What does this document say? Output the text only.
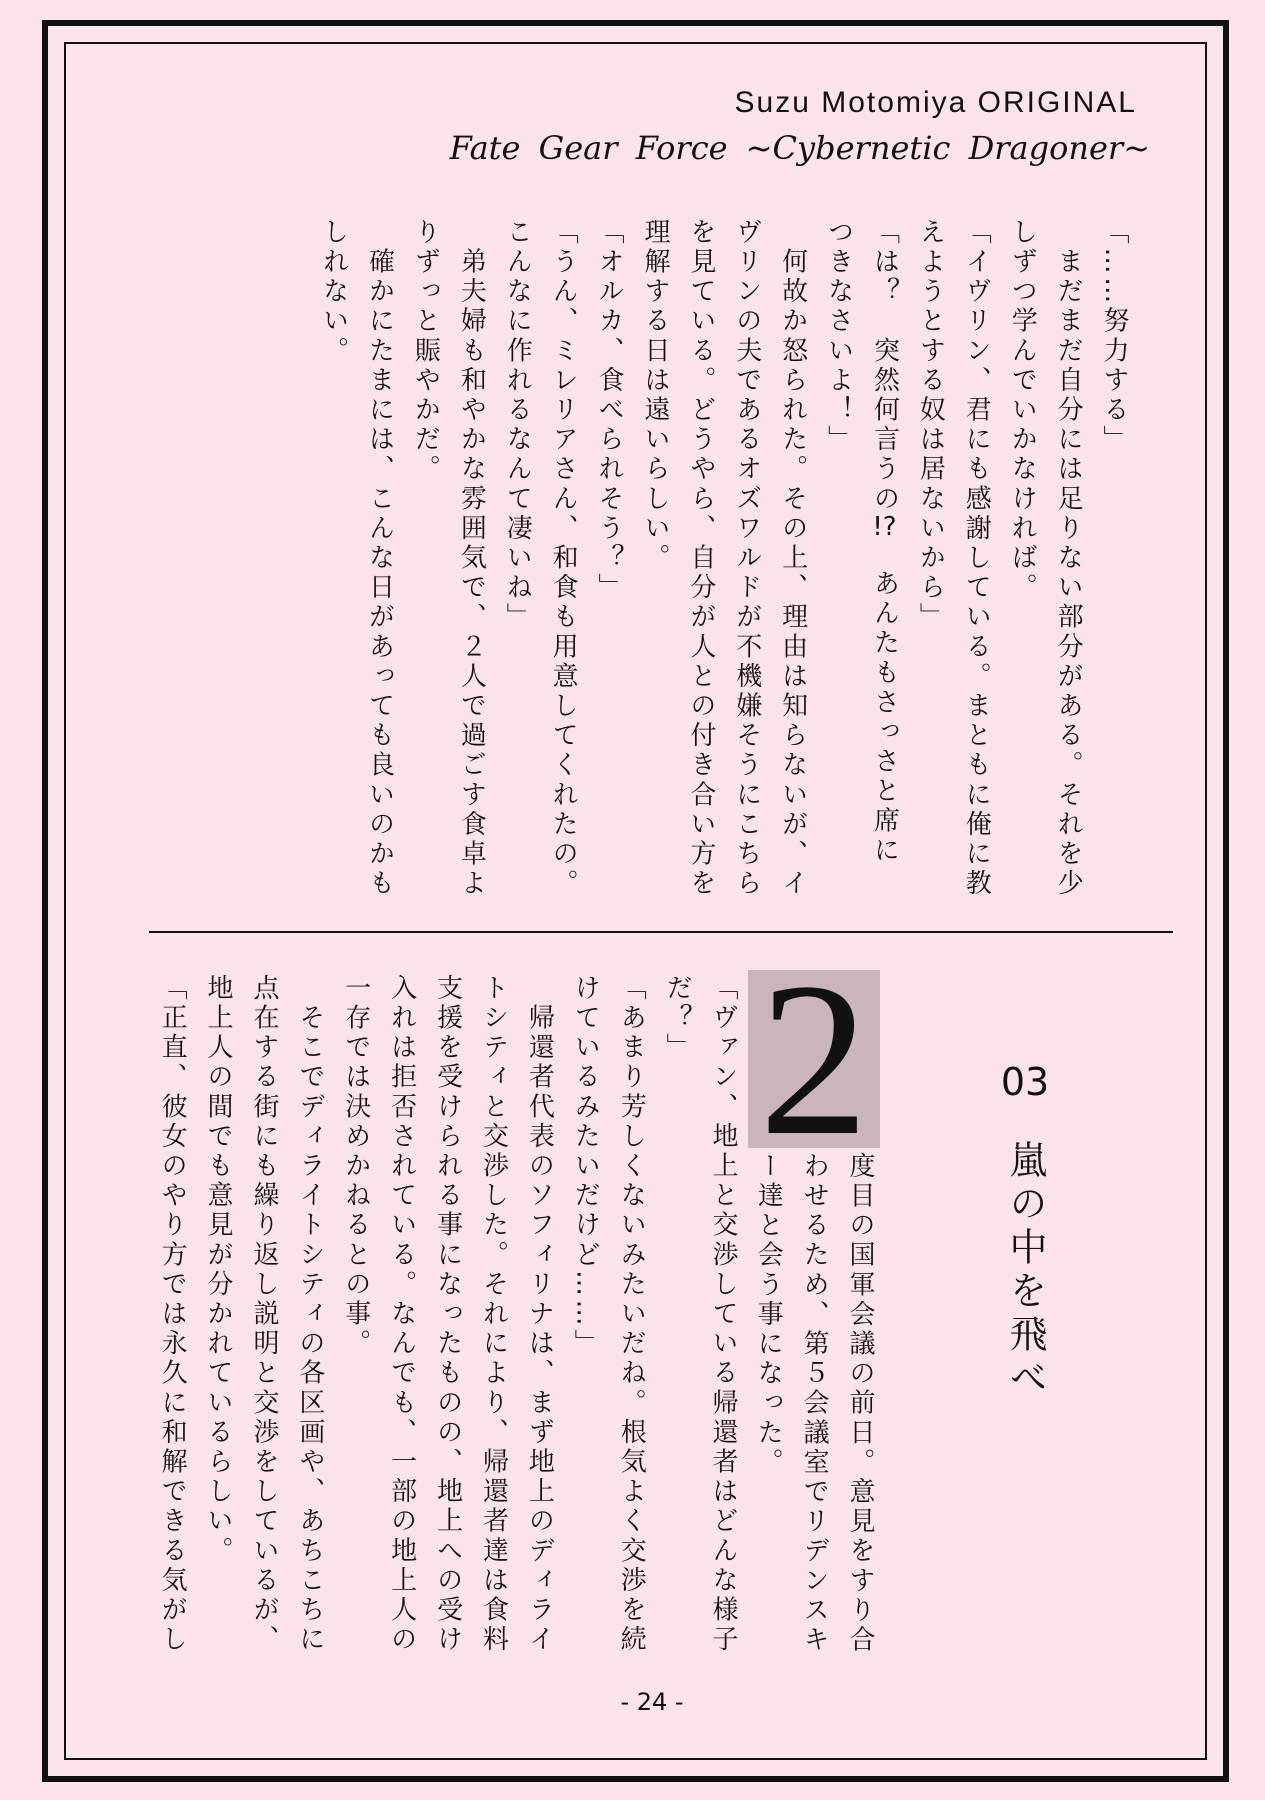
Suzu Motomiya ORIGINAL
Fate Gear Force ~Cybernetic Dragoner~
「……努力する」
　まだまだ自分には足りない部分がある。それを少
しずつ学んでいかなければ。
「イヴリン、君にも感謝している。まともに俺に教
えようとする奴は居ないから」
「は？　突然何言うの!?　あんたもさっさと席に
つきなさいよ！」
　何故か怒られた。その上、理由は知らないが、イ
ヴリンの夫であるオズワルドが不機嫌そうにこちら
を見ている。どうやら、自分が人との付き合い方を
理解する日は遠いらしい。
「オルカ、食べられそう？」
「うん、ミレリアさん、和食も用意してくれたの。
こんなに作れるなんて凄いね」
　弟夫婦も和やかな雰囲気で、２人で過ごす食卓よ
りずっと賑やかだ。
　確かにたまには、こんな日があっても良いのかも
しれない。
03
嵐の中を飛べ
2
度目の国軍会議の前日。意見をすり合
わせるため、第５会議室でリデンスキ
ー達と会う事になった。
「ヴァン、地上と交渉している帰還者はどんな様子
だ？」
「あまり芳しくないみたいだね。根気よく交渉を続
けているみたいだけど……」
　帰還者代表のソフィリナは、まず地上のディライ
トシティと交渉した。それにより、帰還者達は食料
支援を受けられる事になったものの、地上への受け
入れは拒否されている。なんでも、一部の地上人の
一存では決めかねるとの事。
　そこでディライトシティの各区画や、あちこちに
点在する街にも繰り返し説明と交渉をしているが、
地上人の間でも意見が分かれているらしい。
「正直、彼女のやり方では永久に和解できる気がし
- 24 -
